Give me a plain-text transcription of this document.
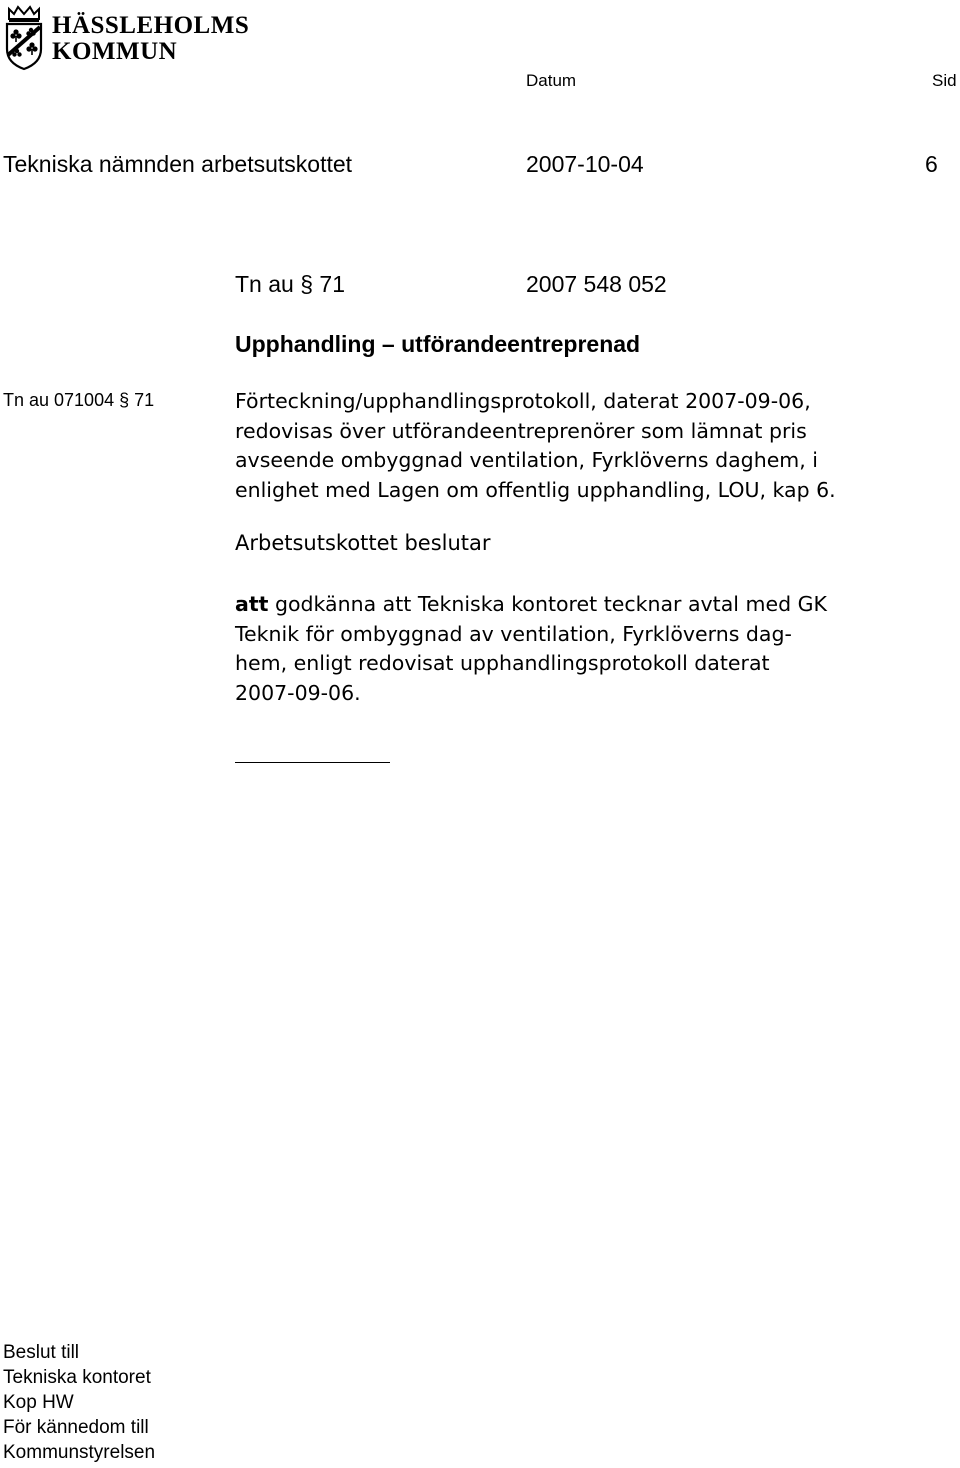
HÄSSLEHOLMS
KOMMUN
Datum	Sid
Tekniska nämnden arbetsutskottet	2007-10-04	6
Tn au § 71	2007 548 052
Upphandling – utförandeentreprenad
Tn au 071004 § 71	Förteckning/upphandlingsprotokoll, daterat 2007-09-06,
redovisas över utförandeentreprenörer som lämnat pris
avseende ombyggnad ventilation, Fyrklöverns daghem, i
enlighet med Lagen om offentlig upphandling, LOU, kap 6.
Arbetsutskottet beslutar
att godkänna att Tekniska kontoret tecknar avtal med GK
Teknik för ombyggnad av ventilation, Fyrklöverns dag-
hem, enligt redovisat upphandlingsprotokoll daterat
2007-09-06.
Beslut till
Tekniska kontoret
Kop HW
För kännedom till
Kommunstyrelsen
